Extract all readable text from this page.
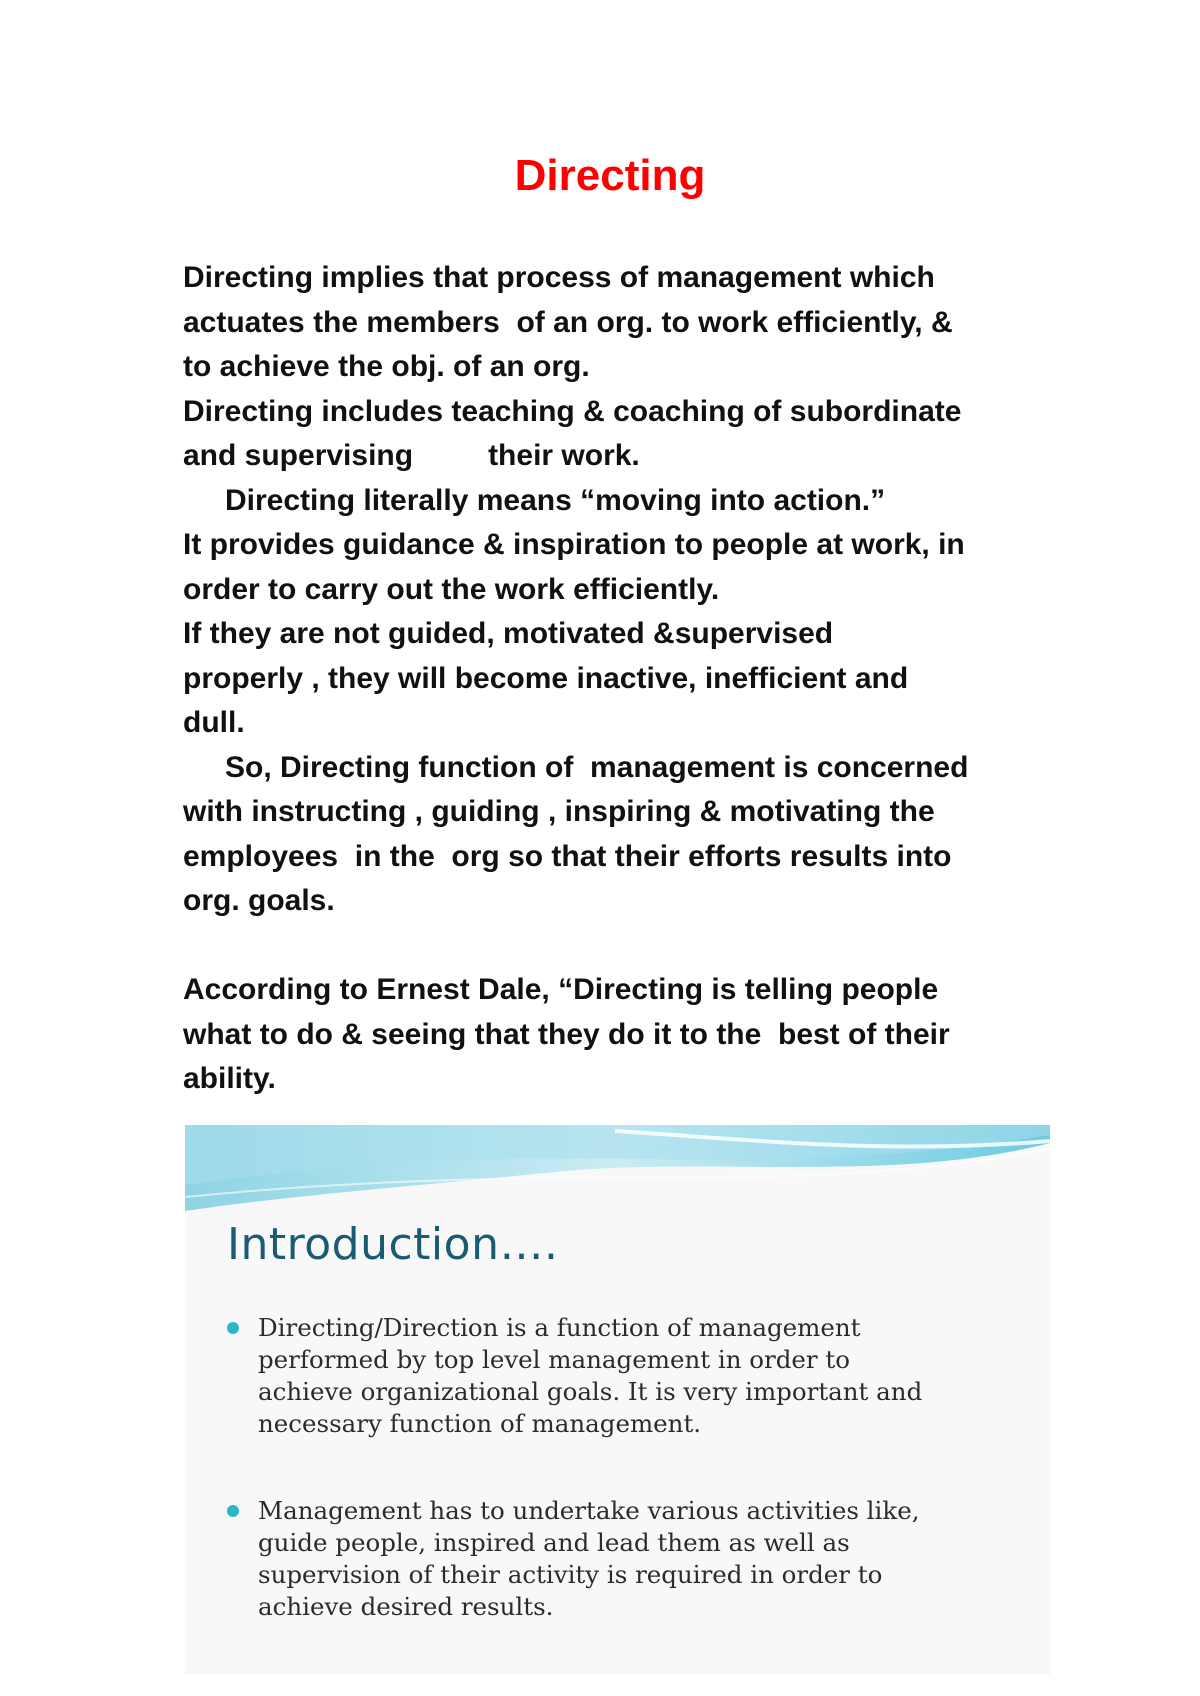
Directing
Directing implies that process of management which
actuates the members  of an org. to work efficiently, &
to achieve the obj. of an org.
Directing includes teaching & coaching of subordinate
and supervising         their work.
Directing literally means “moving into action.”
It provides guidance & inspiration to people at work, in
order to carry out the work efficiently.
If they are not guided, motivated &supervised
properly , they will become inactive, inefficient and
dull.
So, Directing function of  management is concerned
with instructing , guiding , inspiring & motivating the
employees  in the  org so that their efforts results into
org. goals.
According to Ernest Dale, “Directing is telling people
what to do & seeing that they do it to the  best of their
ability.
Introduction….
Directing/Direction is a function of management
performed by top level management in order to
achieve organizational goals. It is very important and
necessary function of management.
Management has to undertake various activities like,
guide people, inspired and lead them as well as
supervision of their activity is required in order to
achieve desired results.
